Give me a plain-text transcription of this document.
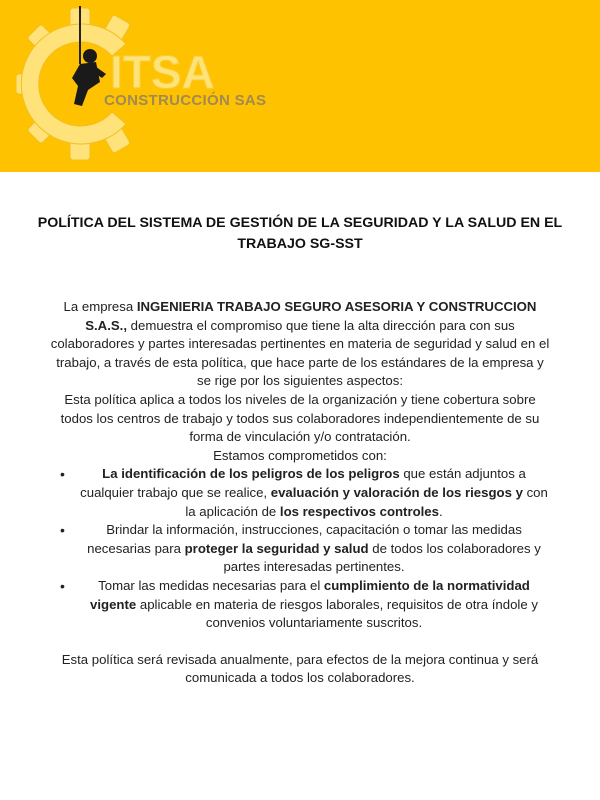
ITSA
CONSTRUCCIÓN SAS
POLÍTICA DEL SISTEMA DE GESTIÓN DE LA SEGURIDAD Y LA SALUD EN EL TRABAJO SG-SST

La empresa INGENIERIA TRABAJO SEGURO ASESORIA Y CONSTRUCCION S.A.S., demuestra el compromiso que tiene la alta dirección para con sus colaboradores y partes interesadas pertinentes en materia de seguridad y salud en el trabajo, a través de esta política, que hace parte de los estándares de la empresa y se rige por los siguientes aspectos:

Esta política aplica a todos los niveles de la organización y tiene cobertura sobre todos los centros de trabajo y todos sus colaboradores independientemente de su forma de vinculación y/o contratación.

Estamos comprometidos con:

•	La identificación de los peligros de los peligros que están adjuntos a cualquier trabajo que se realice, evaluación y valoración de los riesgos y con la aplicación de los respectivos controles.
•	Brindar la información, instrucciones, capacitación o tomar las medidas necesarias para proteger la seguridad y salud de todos los colaboradores y partes interesadas pertinentes.
•	Tomar las medidas necesarias para el cumplimiento de la normatividad vigente aplicable en materia de riesgos laborales, requisitos de otra índole y convenios voluntariamente suscritos.

Esta política será revisada anualmente, para efectos de la mejora continua y será comunicada a todos los colaboradores.
